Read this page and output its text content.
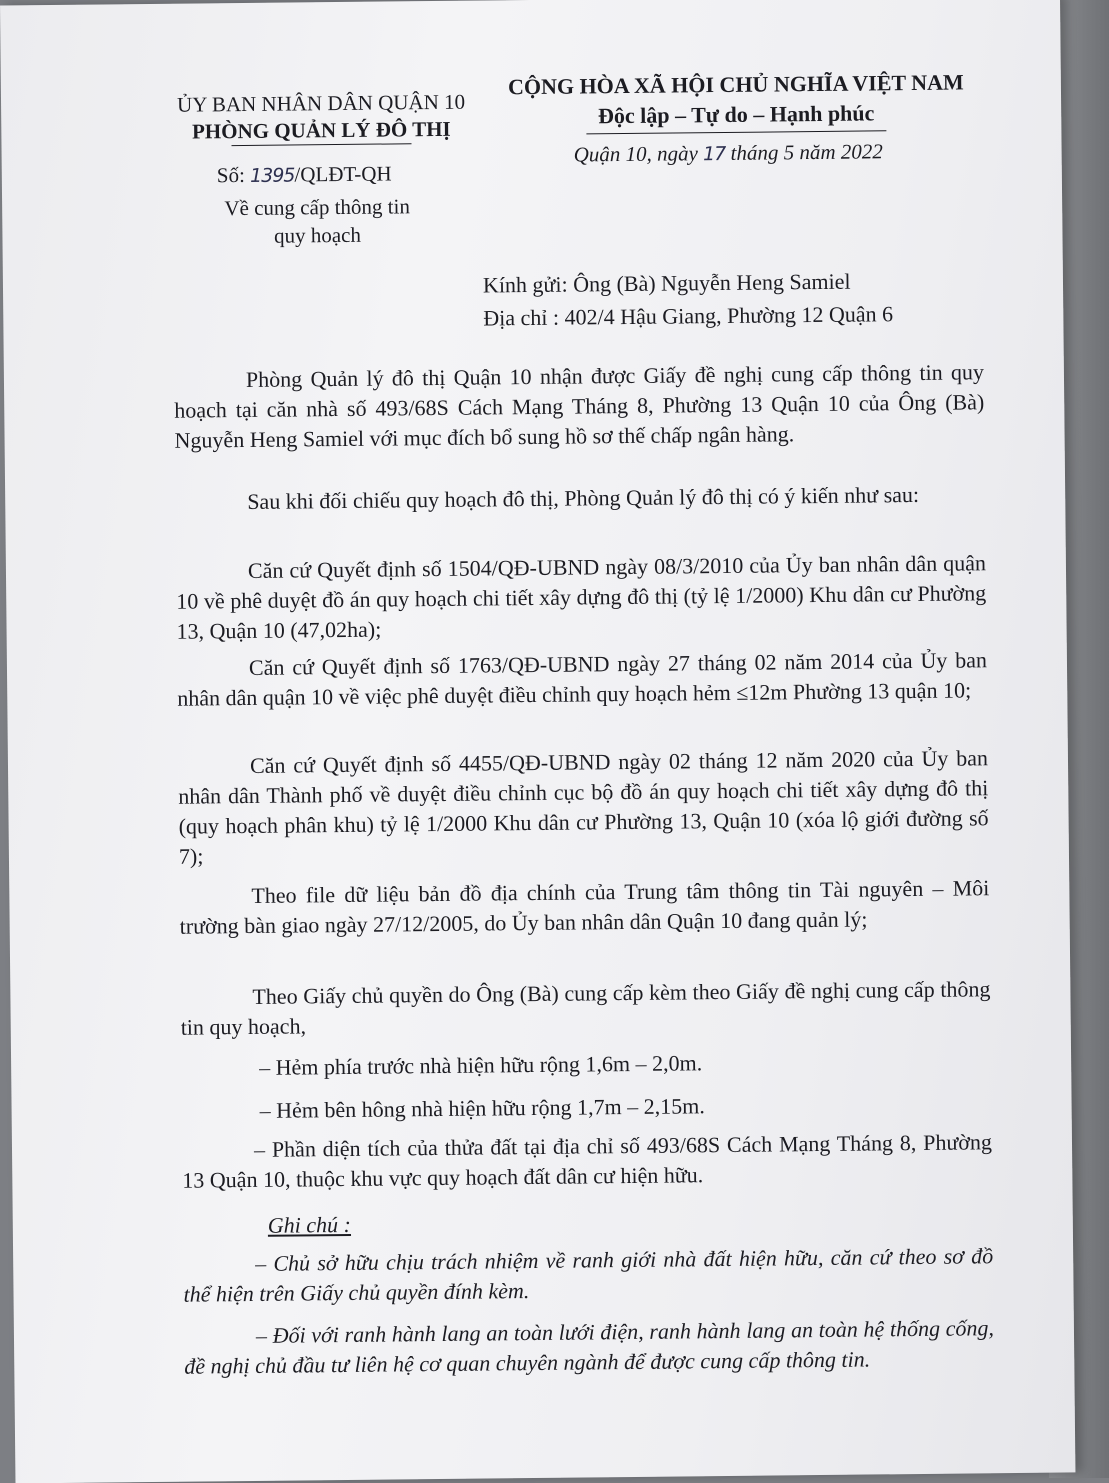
ỦY BAN NHÂN DÂN QUẬN 10
PHÒNG QUẢN LÝ ĐÔ THỊ
CỘNG HÒA XÃ HỘI CHỦ NGHĨA VIỆT NAM
Độc lập – Tự do – Hạnh phúc
Quận 10, ngày 17 tháng 5 năm 2022
Số: 1395/QLĐT-QH
Về cung cấp thông tin
quy hoạch
Kính gửi: Ông (Bà) Nguyễn Heng Samiel
Địa chỉ : 402/4 Hậu Giang, Phường 12 Quận 6
Phòng Quản lý đô thị Quận 10 nhận được Giấy đề nghị cung cấp thông tin quy hoạch tại căn nhà số 493/68S Cách Mạng Tháng 8, Phường 13 Quận 10 của Ông (Bà) Nguyễn Heng Samiel với mục đích bổ sung hồ sơ thế chấp ngân hàng.
Sau khi đối chiếu quy hoạch đô thị, Phòng Quản lý đô thị có ý kiến như sau:
Căn cứ Quyết định số 1504/QĐ-UBND ngày 08/3/2010 của Ủy ban nhân dân quận 10 về phê duyệt đồ án quy hoạch chi tiết xây dựng đô thị (tỷ lệ 1/2000) Khu dân cư Phường 13, Quận 10 (47,02ha);
Căn cứ Quyết định số 1763/QĐ-UBND ngày 27 tháng 02 năm 2014 của Ủy ban nhân dân quận 10 về việc phê duyệt điều chỉnh quy hoạch hẻm ≤12m Phường 13 quận 10;
Căn cứ Quyết định số 4455/QĐ-UBND ngày 02 tháng 12 năm 2020 của Ủy ban nhân dân Thành phố về duyệt điều chỉnh cục bộ đồ án quy hoạch chi tiết xây dựng đô thị (quy hoạch phân khu) tỷ lệ 1/2000 Khu dân cư Phường 13, Quận 10 (xóa lộ giới đường số 7);
Theo file dữ liệu bản đồ địa chính của Trung tâm thông tin Tài nguyên – Môi trường bàn giao ngày 27/12/2005, do Ủy ban nhân dân Quận 10 đang quản lý;
Theo Giấy chủ quyền do Ông (Bà) cung cấp kèm theo Giấy đề nghị cung cấp thông tin quy hoạch,
– Hẻm phía trước nhà hiện hữu rộng 1,6m – 2,0m.
– Hẻm bên hông nhà hiện hữu rộng 1,7m – 2,15m.
– Phần diện tích của thửa đất tại địa chỉ số 493/68S Cách Mạng Tháng 8, Phường 13 Quận 10, thuộc khu vực quy hoạch đất dân cư hiện hữu.
Ghi chú :
– Chủ sở hữu chịu trách nhiệm về ranh giới nhà đất hiện hữu, căn cứ theo sơ đồ thể hiện trên Giấy chủ quyền đính kèm.
– Đối với ranh hành lang an toàn lưới điện, ranh hành lang an toàn hệ thống cống, đề nghị chủ đầu tư liên hệ cơ quan chuyên ngành để được cung cấp thông tin.
